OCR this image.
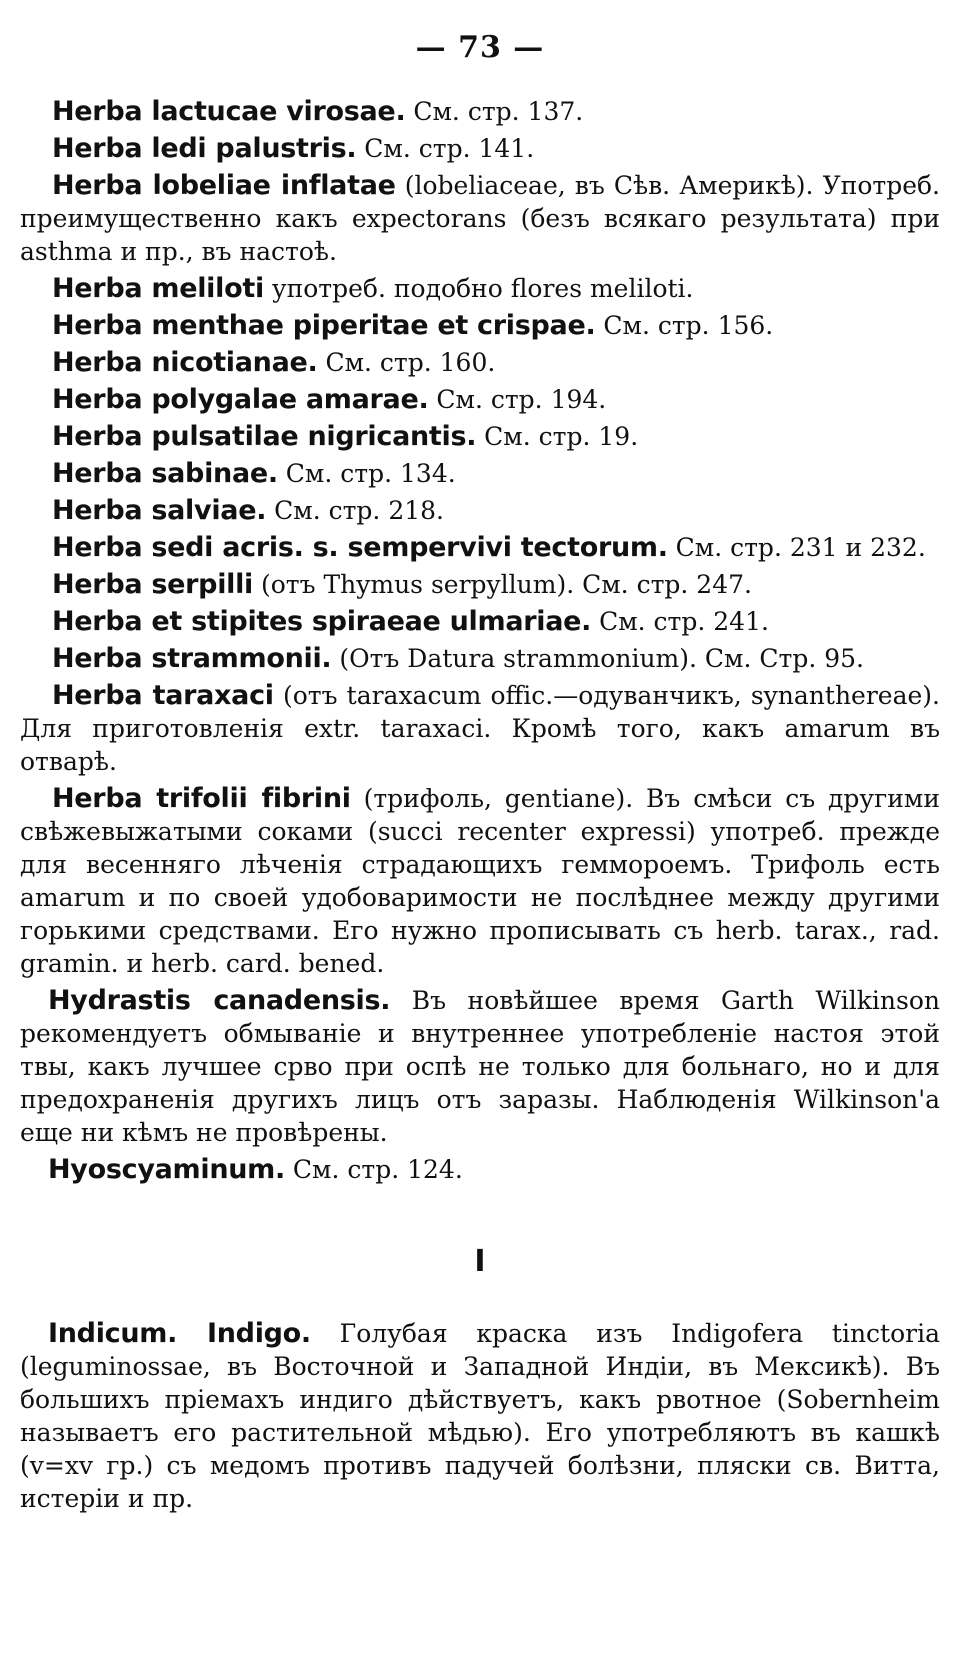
— 73 —

Herba lactucae virosae. См. стр. 137.

Herba ledi palustris. См. стр. 141.

Herba lobeliae inflatae (lobeliaceae, въ Сѣв. Америкѣ). Употреб. преимущественно какъ expectorans (безъ всякаго результата) при asthma и пр., въ настоѣ.

Herba meliloti употреб. подобно flores meliloti.

Herba menthae piperitae et crispae. См. стр. 156.

Herba nicotianae. См. стр. 160.

Herba polygalae amarae. См. стр. 194.

Herba pulsatilae nigricantis. См. стр. 19.

Herba sabinae. См. стр. 134.

Herba salviae. См. стр. 218.

Herba sedi acris. s. sempervivi tectorum. См. стр. 231 и 232.

Herba serpilli (отъ Thymus serpyllum). См. стр. 247.

Herba et stipites spiraeae ulmariae. См. стр. 241.

Herba strammonii. (Отъ Datura strammonium). См. Стр. 95.

Herba taraxaci (отъ taraxacum offic.—одуванчикъ, synanthereae). Для приготовленія extr. taraxaci. Кромѣ того, какъ amarum въ отварѣ.

Herba trifolii fibrini (трифоль, gentiane). Въ смѣси съ другими свѣжевыжатыми соками (succi recenter expressi) употреб. прежде для весенняго лѣченія страдающихъ геммороемъ. Трифоль есть amarum и по своей удобоваримости не послѣднее между другими горькими средствами. Его нужно прописывать съ herb. tarax., rad. gramin. и herb. card. bened.

Hydrastis canadensis. Въ новѣйшее время Garth Wilkinson рекомендуетъ обмываніе и внутреннее употребленіе настоя этой твы, какъ лучшее срво при оспѣ не только для больнаго, но и для предохраненія другихъ лицъ отъ заразы. Наблюденія Wilkinson'а еще ни кѣмъ не провѣрены.

Hyoscyaminum. См. стр. 124.

I

Indicum. Indigo. Голубая краска изъ Indigofera tinctoria (leguminossae, въ Восточной и Западной Индіи, въ Мексикѣ). Въ большихъ пріемахъ индиго дѣйствуетъ, какъ рвотное (Sobernheim называетъ его растительной мѣдью). Его употребляютъ въ кашкѣ (v=xv гр.) съ медомъ противъ падучей болѣзни, пляски св. Витта, истеріи и пр.
